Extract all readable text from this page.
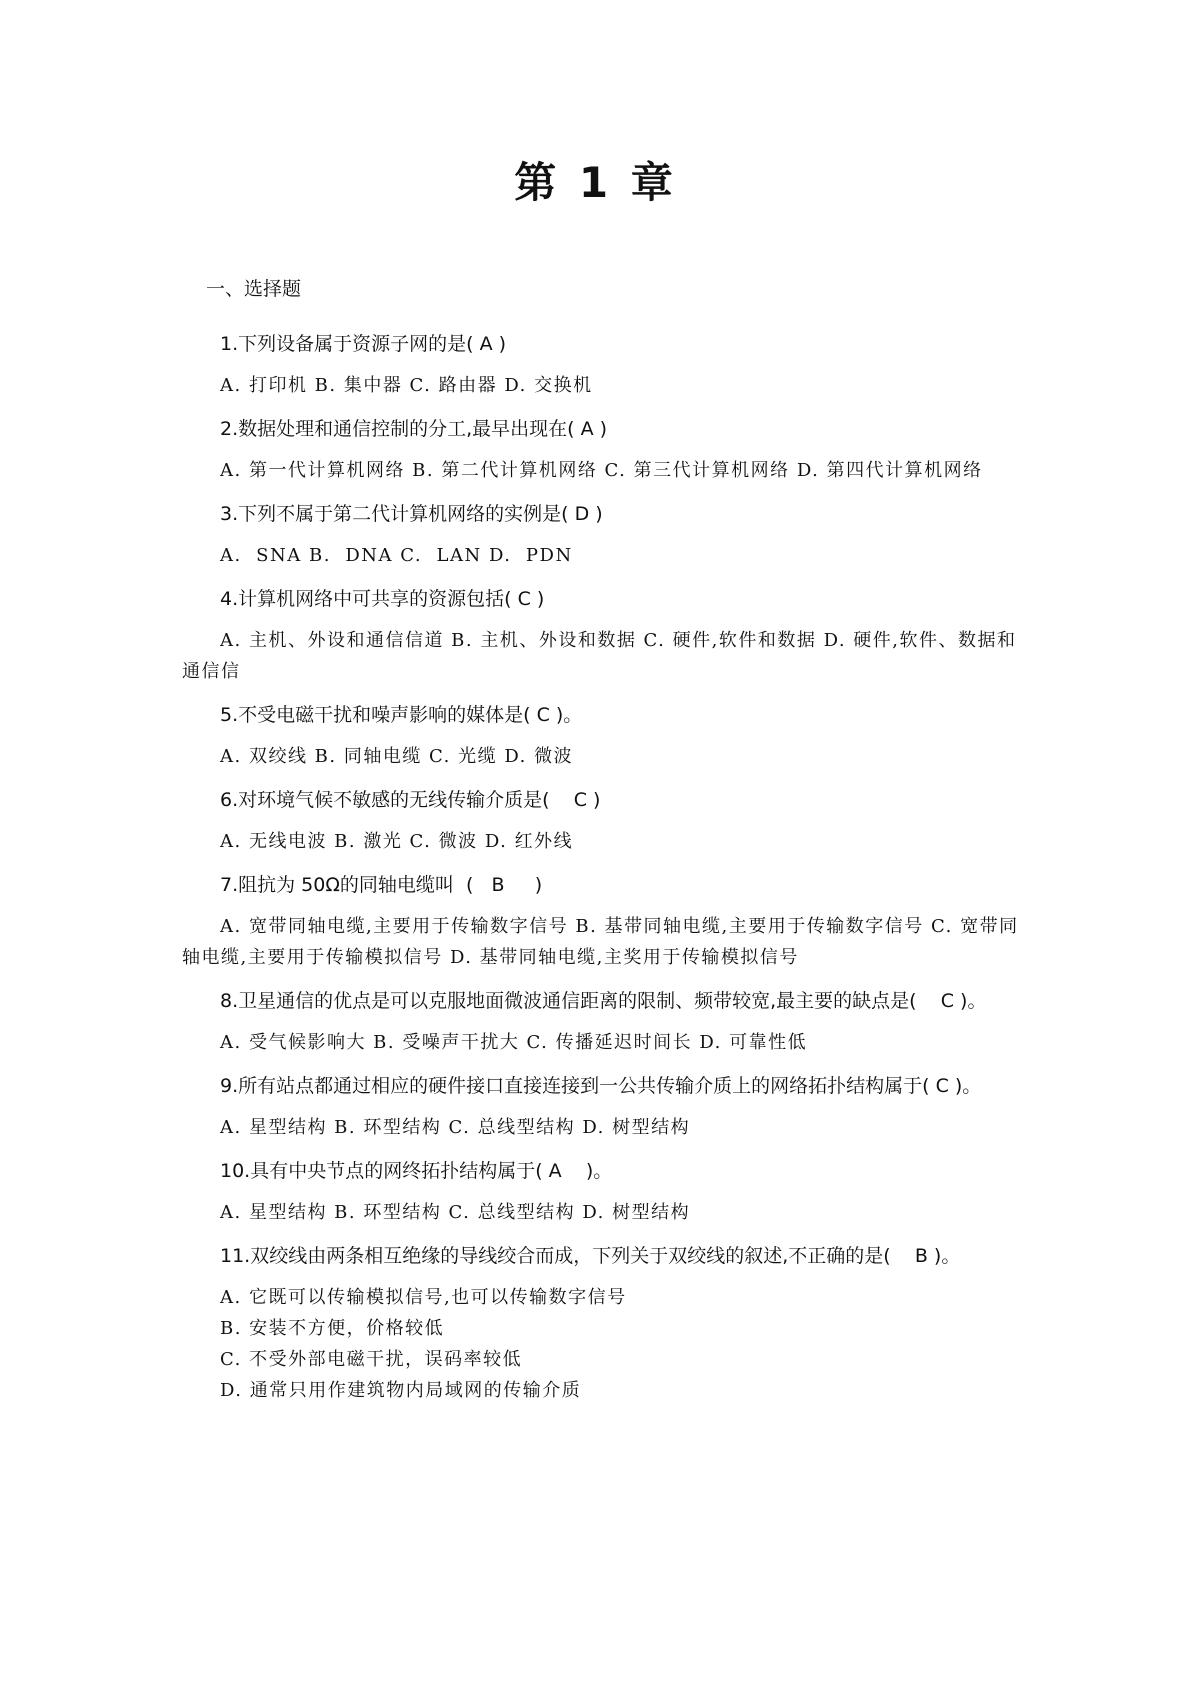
第 1 章
一、选择题
1.下列设备属于资源子网的是( A )
A. 打印机 B. 集中器 C. 路由器 D. 交换机
2.数据处理和通信控制的分工,最早出现在( A )
A. 第一代计算机网络 B. 第二代计算机网络 C. 第三代计算机网络 D. 第四代计算机网络
3.下列不属于第二代计算机网络的实例是( D )
A.  SNA B.  DNA C.  LAN D.  PDN
4.计算机网络中可共享的资源包括( C )
A. 主机、外设和通信信道 B. 主机、外设和数据 C. 硬件,软件和数据 D. 硬件,软件、数据和通信信
5.不受电磁干扰和噪声影响的媒体是( C )。
A. 双绞线 B. 同轴电缆 C. 光缆 D. 微波
6.对环境气候不敏感的无线传输介质是(    C )
A. 无线电波 B. 激光 C. 微波 D. 红外线
7.阻抗为 50Ω的同轴电缆叫  (   B     )
A. 宽带同轴电缆,主要用于传输数字信号 B. 基带同轴电缆,主要用于传输数字信号 C. 宽带同轴电缆,主要用于传输模拟信号 D. 基带同轴电缆,主奖用于传输模拟信号
8.卫星通信的优点是可以克服地面微波通信距离的限制、频带较宽,最主要的缺点是(    C )。
A. 受气候影响大 B. 受噪声干扰大 C. 传播延迟时间长 D. 可靠性低
9.所有站点都通过相应的硬件接口直接连接到一公共传输介质上的网络拓扑结构属于( C )。
A. 星型结构 B. 环型结构 C. 总线型结构 D. 树型结构
10.具有中央节点的网终拓扑结构属于( A    )。
A. 星型结构 B. 环型结构 C. 总线型结构 D. 树型结构
11.双绞线由两条相互绝缘的导线绞合而成，下列关于双绞线的叙述,不正确的是(    B )。
A. 它既可以传输模拟信号,也可以传输数字信号
B. 安装不方便，价格较低
C. 不受外部电磁干扰，误码率较低
D. 通常只用作建筑物内局域网的传输介质
